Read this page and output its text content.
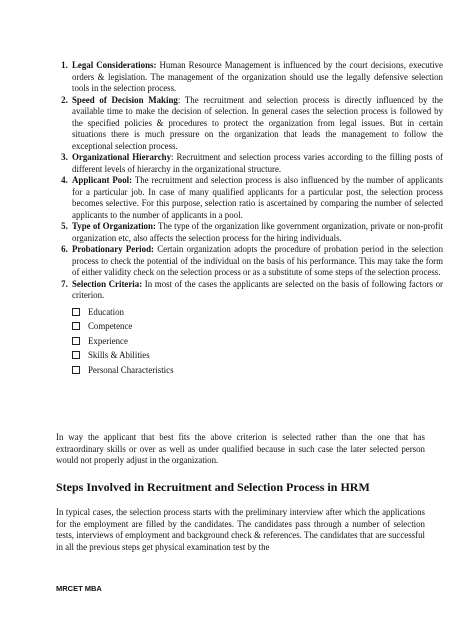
1. Legal Considerations: Human Resource Management is influenced by the court decisions, executive orders & legislation. The management of the organization should use the legally defensive selection tools in the selection process.
2. Speed of Decision Making: The recruitment and selection process is directly influenced by the available time to make the decision of selection. In general cases the selection process is followed by the specified policies & procedures to protect the organization from legal issues. But in certain situations there is much pressure on the organization that leads the management to follow the exceptional selection process.
3. Organizational Hierarchy: Recruitment and selection process varies according to the filling posts of different levels of hierarchy in the organizational structure.
4. Applicant Pool: The recruitment and selection process is also influenced by the number of applicants for a particular job. In case of many qualified applicants for a particular post, the selection process becomes selective. For this purpose, selection ratio is ascertained by comparing the number of selected applicants to the number of applicants in a pool.
5. Type of Organization: The type of the organization like government organization, private or non-profit organization etc, also affects the selection process for the hiring individuals.
6. Probationary Period: Certain organization adopts the procedure of probation period in the selection process to check the potential of the individual on the basis of his performance. This may take the form of either validity check on the selection process or as a substitute of some steps of the selection process.
7. Selection Criteria: In most of the cases the applicants are selected on the basis of following factors or criterion.
Education
Competence
Experience
Skills & Abilities
Personal Characteristics

In way the applicant that best fits the above criterion is selected rather than the one that has extraordinary skills or over as well as under qualified because in such case the later selected person would not properly adjust in the organization.

Steps Involved in Recruitment and Selection Process in HRM

In typical cases, the selection process starts with the preliminary interview after which the applications for the employment are filled by the candidates. The candidates pass through a number of selection tests, interviews of employment and background check & references. The candidates that are successful in all the previous steps get physical examination test by the

MRCET MBA
